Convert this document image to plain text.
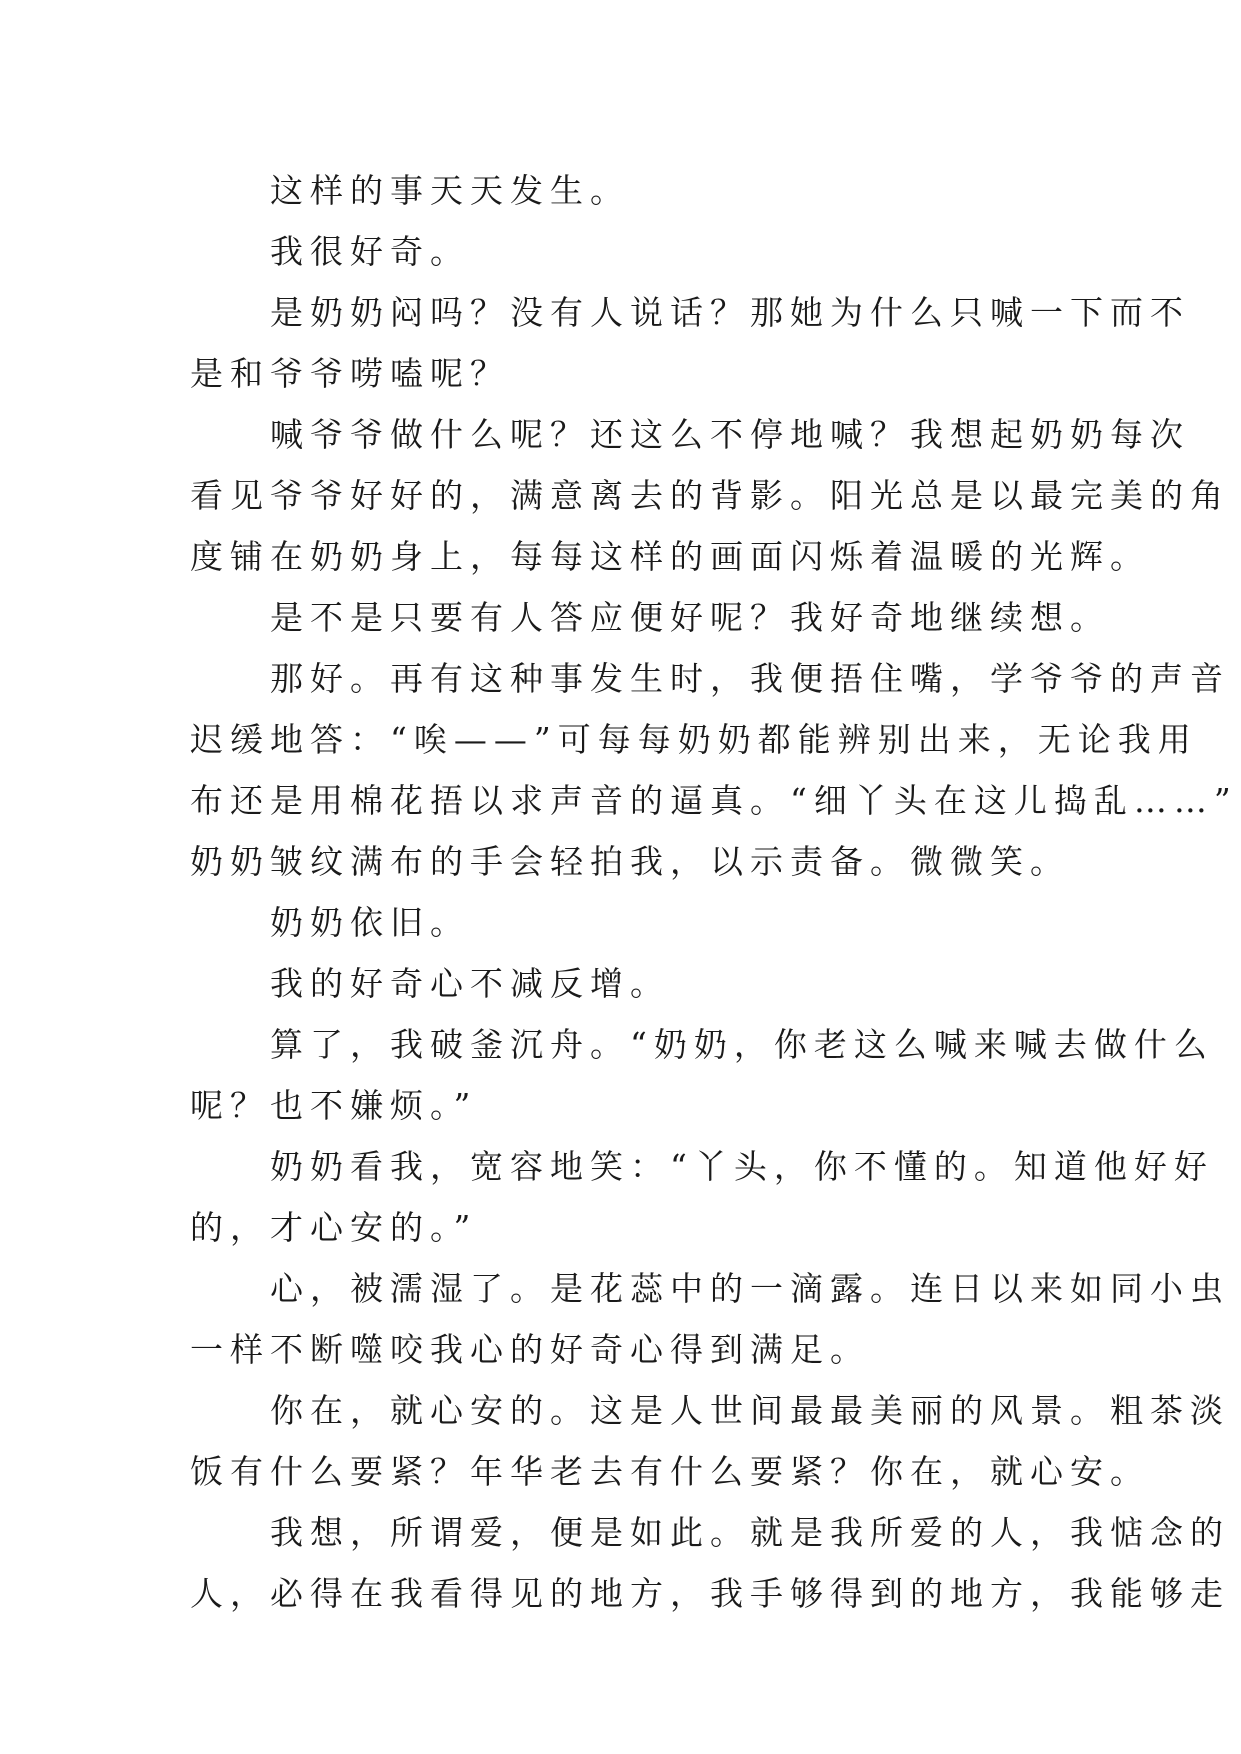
这样的事天天发生。
我很好奇。
是奶奶闷吗？没有人说话？那她为什么只喊一下而不
是和爷爷唠嗑呢？
喊爷爷做什么呢？还这么不停地喊？我想起奶奶每次
看见爷爷好好的，满意离去的背影。阳光总是以最完美的角
度铺在奶奶身上，每每这样的画面闪烁着温暖的光辉。
是不是只要有人答应便好呢？我好奇地继续想。
那好。再有这种事发生时，我便捂住嘴，学爷爷的声音
迟缓地答：“唉——”可每每奶奶都能辨别出来，无论我用
布还是用棉花捂以求声音的逼真。“细丫头在这儿捣乱……”
奶奶皱纹满布的手会轻拍我，以示责备。微微笑。
奶奶依旧。
我的好奇心不减反增。
算了，我破釜沉舟。“奶奶，你老这么喊来喊去做什么
呢？也不嫌烦。”
奶奶看我，宽容地笑：“丫头，你不懂的。知道他好好
的，才心安的。”
心，被濡湿了。是花蕊中的一滴露。连日以来如同小虫
一样不断噬咬我心的好奇心得到满足。
你在，就心安的。这是人世间最最美丽的风景。粗茶淡
饭有什么要紧？年华老去有什么要紧？你在，就心安。
我想，所谓爱，便是如此。就是我所爱的人，我惦念的
人，必得在我看得见的地方，我手够得到的地方，我能够走
